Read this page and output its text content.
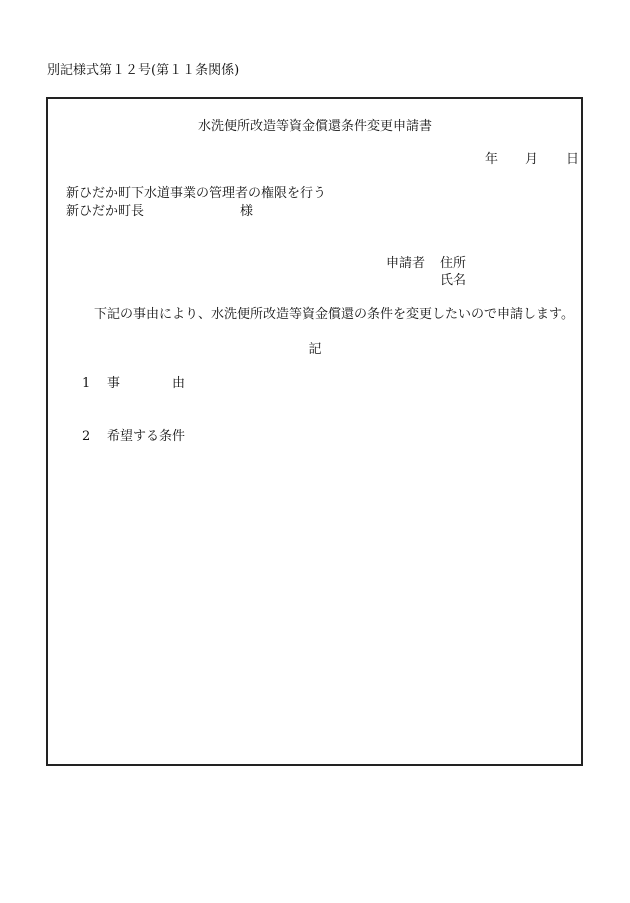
別記様式第１２号(第１１条関係)
水洗便所改造等資金償還条件変更申請書
年 月 日
新ひだか町下水道事業の管理者の権限を行う
新ひだか町長	様
申請者 住所
氏名
下記の事由により、水洗便所改造等資金償還の条件を変更したいので申請します。
記
1 事由
2 希望する条件
